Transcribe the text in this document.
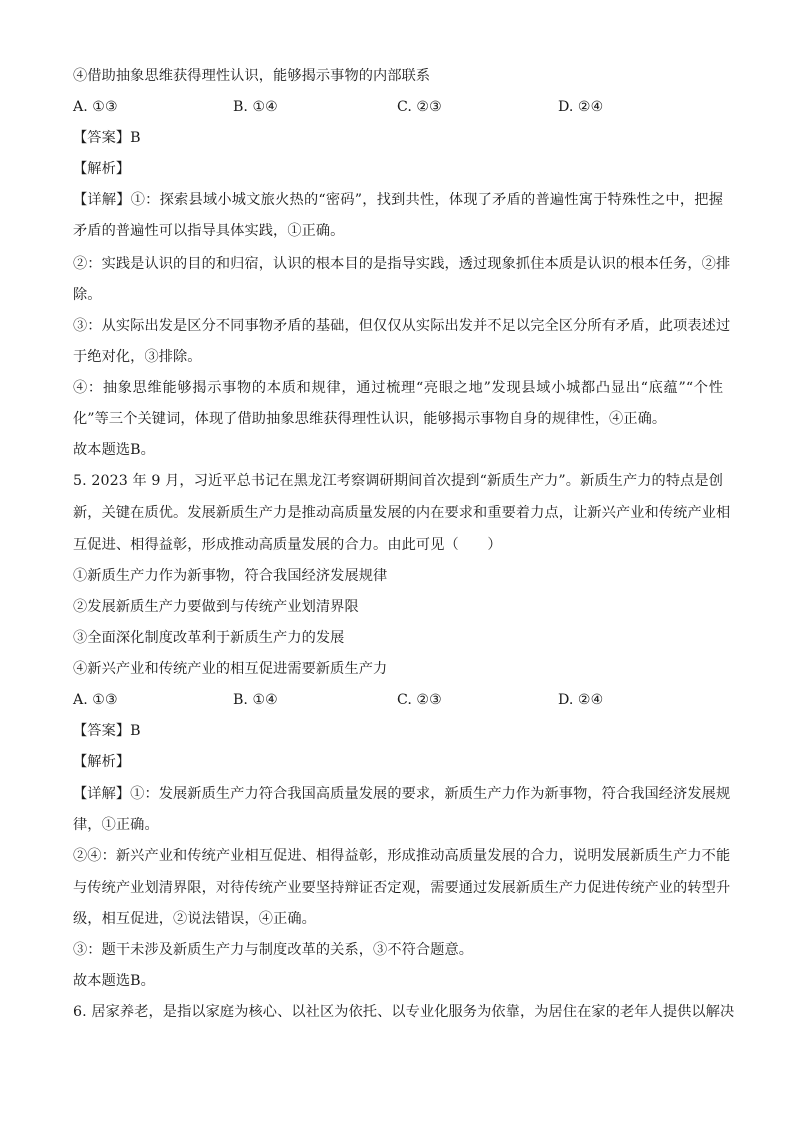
④借助抽象思维获得理性认识，能够揭示事物的内部联系
A. ①③	B. ①④	C. ②③	D. ②④
【答案】B
【解析】
【详解】①：探索县域小城文旅火热的“密码”，找到共性，体现了矛盾的普遍性寓于特殊性之中，把握
矛盾的普遍性可以指导具体实践，①正确。
②：实践是认识的目的和归宿，认识的根本目的是指导实践，透过现象抓住本质是认识的根本任务，②排
除。
③：从实际出发是区分不同事物矛盾的基础，但仅仅从实际出发并不足以完全区分所有矛盾，此项表述过
于绝对化，③排除。
④：抽象思维能够揭示事物的本质和规律，通过梳理“亮眼之地”发现县域小城都凸显出“底蕴”“个性
化”等三个关键词，体现了借助抽象思维获得理性认识，能够揭示事物自身的规律性，④正确。
故本题选B。
5. 2023 年 9 月，习近平总书记在黑龙江考察调研期间首次提到“新质生产力”。新质生产力的特点是创
新，关键在质优。发展新质生产力是推动高质量发展的内在要求和重要着力点，让新兴产业和传统产业相
互促进、相得益彰，形成推动高质量发展的合力。由此可见（　　）
①新质生产力作为新事物，符合我国经济发展规律
②发展新质生产力要做到与传统产业划清界限
③全面深化制度改革利于新质生产力的发展
④新兴产业和传统产业的相互促进需要新质生产力
A. ①③	B. ①④	C. ②③	D. ②④
【答案】B
【解析】
【详解】①：发展新质生产力符合我国高质量发展的要求，新质生产力作为新事物，符合我国经济发展规
律，①正确。
②④：新兴产业和传统产业相互促进、相得益彰，形成推动高质量发展的合力，说明发展新质生产力不能
与传统产业划清界限，对待传统产业要坚持辩证否定观，需要通过发展新质生产力促进传统产业的转型升
级，相互促进，②说法错误，④正确。
③：题干未涉及新质生产力与制度改革的关系，③不符合题意。
故本题选B。
6. 居家养老，是指以家庭为核心、以社区为依托、以专业化服务为依靠，为居住在家的老年人提供以解决
